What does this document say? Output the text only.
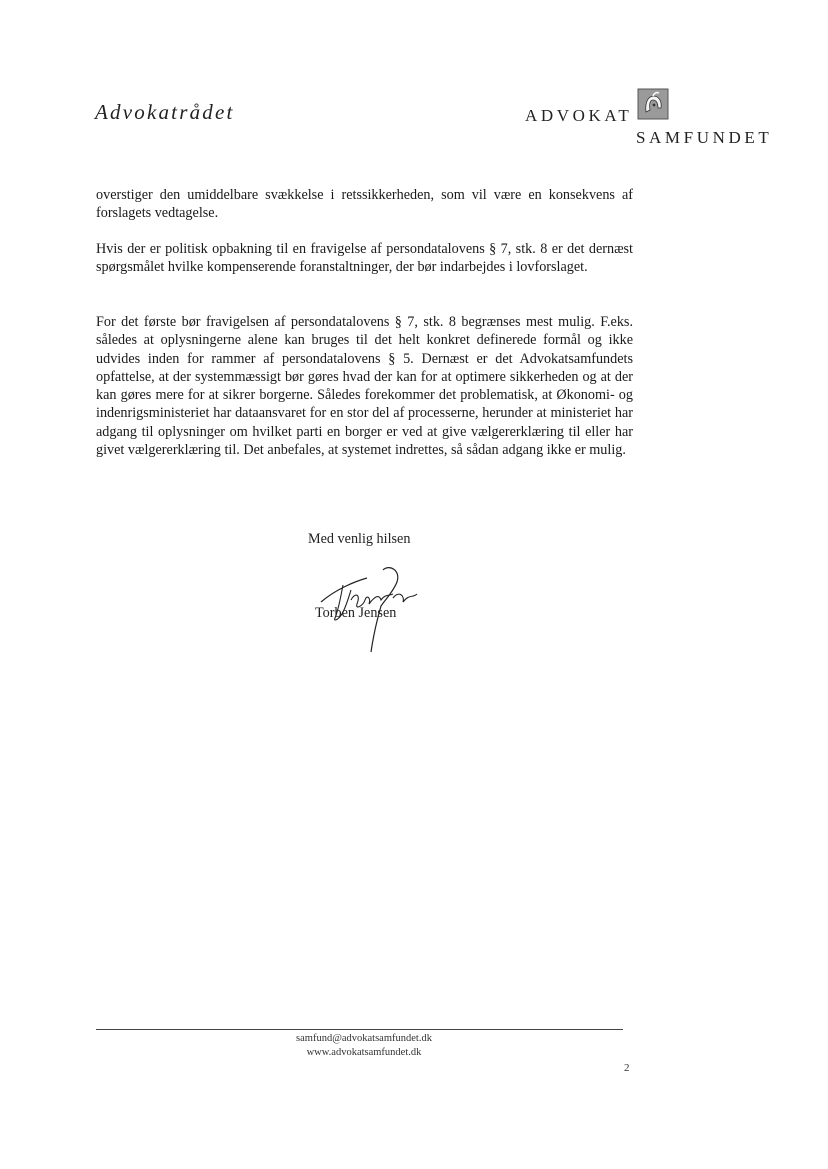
Advokatrådet	ADVOKAT
SAMFUNDET

overstiger den umiddelbare svækkelse i retssikkerheden, som vil være en konsekvens af forslagets vedtagelse.

Hvis der er politisk opbakning til en fravigelse af persondatalovens § 7, stk. 8 er det dernæst spørgsmålet hvilke kompenserende foranstaltninger, der bør indarbejdes i lovforslaget.

For det første bør fravigelsen af persondatalovens § 7, stk. 8 begrænses mest mulig. F.eks. således at oplysningerne alene kan bruges til det helt konkret definerede formål og ikke udvides inden for rammer af persondatalovens § 5. Dernæst er det Advokatsamfundets opfattelse, at der systemmæssigt bør gøres hvad der kan for at optimere sikkerheden og at der kan gøres mere for at sikrer borgerne. Således forekommer det problematisk, at Økonomi- og indenrigsministeriet har dataansvaret for en stor del af processerne, herunder at ministeriet har adgang til oplysninger om hvilket parti en borger er ved at give vælgererklæring til eller har givet vælgererklæring til. Det anbefales, at systemet indrettes, så sådan adgang ikke er mulig.

Med venlig hilsen
Torben Jensen
samfund@advokatsamfundet.dk
www.advokatsamfundet.dk
2
